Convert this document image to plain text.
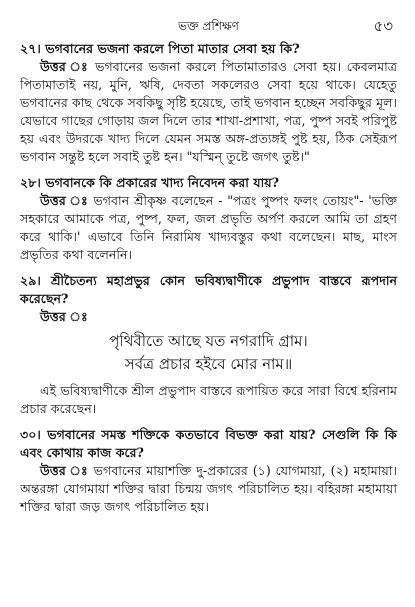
ভক্ত প্রশিক্ষণ	৫৩

২৭। ভগবানের ভজনা করলে পিতা মাতার সেবা হয় কি?

উত্তর ঃ ভগবানের ভজনা করলে পিতামাতারও সেবা হয়। কেবলমাত্র পিতামাতাই নয়, মুনি, ঋষি, দেবতা সকলেরও সেবা হয়ে থাকে। যেহেতু ভগবানের কাছ থেকে সবকিছু সৃষ্টি হয়েছে, তাই ভগবান হচ্ছেন সবকিছুর মূল। যেভাবে গাছের গোড়ায় জল দিলে তার শাখা-প্রশাখা, পত্র, পুষ্প সবই পরিপুষ্ট হয় এবং উদরকে খাদ্য দিলে যেমন সমস্ত অঙ্গ-প্রত্যঙ্গই পুষ্ট হয়, ঠিক সেইরূপ ভগবান সন্তুষ্ট হলে সবাই তুষ্ট হন। "যস্মিন্ তুষ্টে জগৎ তুষ্ট।"

২৮। ভগবানকে কি প্রকারের খাদ্য নিবেদন করা যায়?

উত্তর ঃ ভগবান শ্রীকৃষ্ণ বলেছেন - "পত্রং পুষ্পং ফলং তোয়ং"- 'ভক্তি সহকারে আমাকে পত্র, পুষ্প, ফল, জল প্রভৃতি অর্পণ করলে আমি তা গ্রহণ করে থাকি।' এভাবে তিনি নিরামিষ খাদ্যবস্তুর কথা বলেছেন। মাছ, মাংস প্রভৃতির কথা বলেননি।

২৯। শ্রীচৈতন্য মহাপ্রভুর কোন ভবিষ্যদ্বাণীকে প্রভুপাদ বাস্তবে রূপদান করেছেন?

উত্তর ঃ

পৃথিবীতে আছে যত নগরাদি গ্রাম।
সর্বত্র প্রচার হইবে মোর নাম॥

এই ভবিষ্যদ্বাণীকে শ্রীল প্রভুপাদ বাস্তবে রূপায়িত করে সারা বিশ্বে হরিনাম প্রচার করেছেন।

৩০। ভগবানের সমস্ত শক্তিকে কতভাবে বিভক্ত করা যায়? সেগুলি কি কি এবং কোথায় কাজ করে?

উত্তর ঃ ভগবানের মায়াশক্তি দু-প্রকারের (১) যোগমায়া, (২) মহামায়া। অন্তরঙ্গা যোগমায়া শক্তির দ্বারা চিন্ময় জগৎ পরিচালিত হয়। বহিরঙ্গা মহামায়া শক্তির দ্বারা জড় জগৎ পরিচালিত হয়।
